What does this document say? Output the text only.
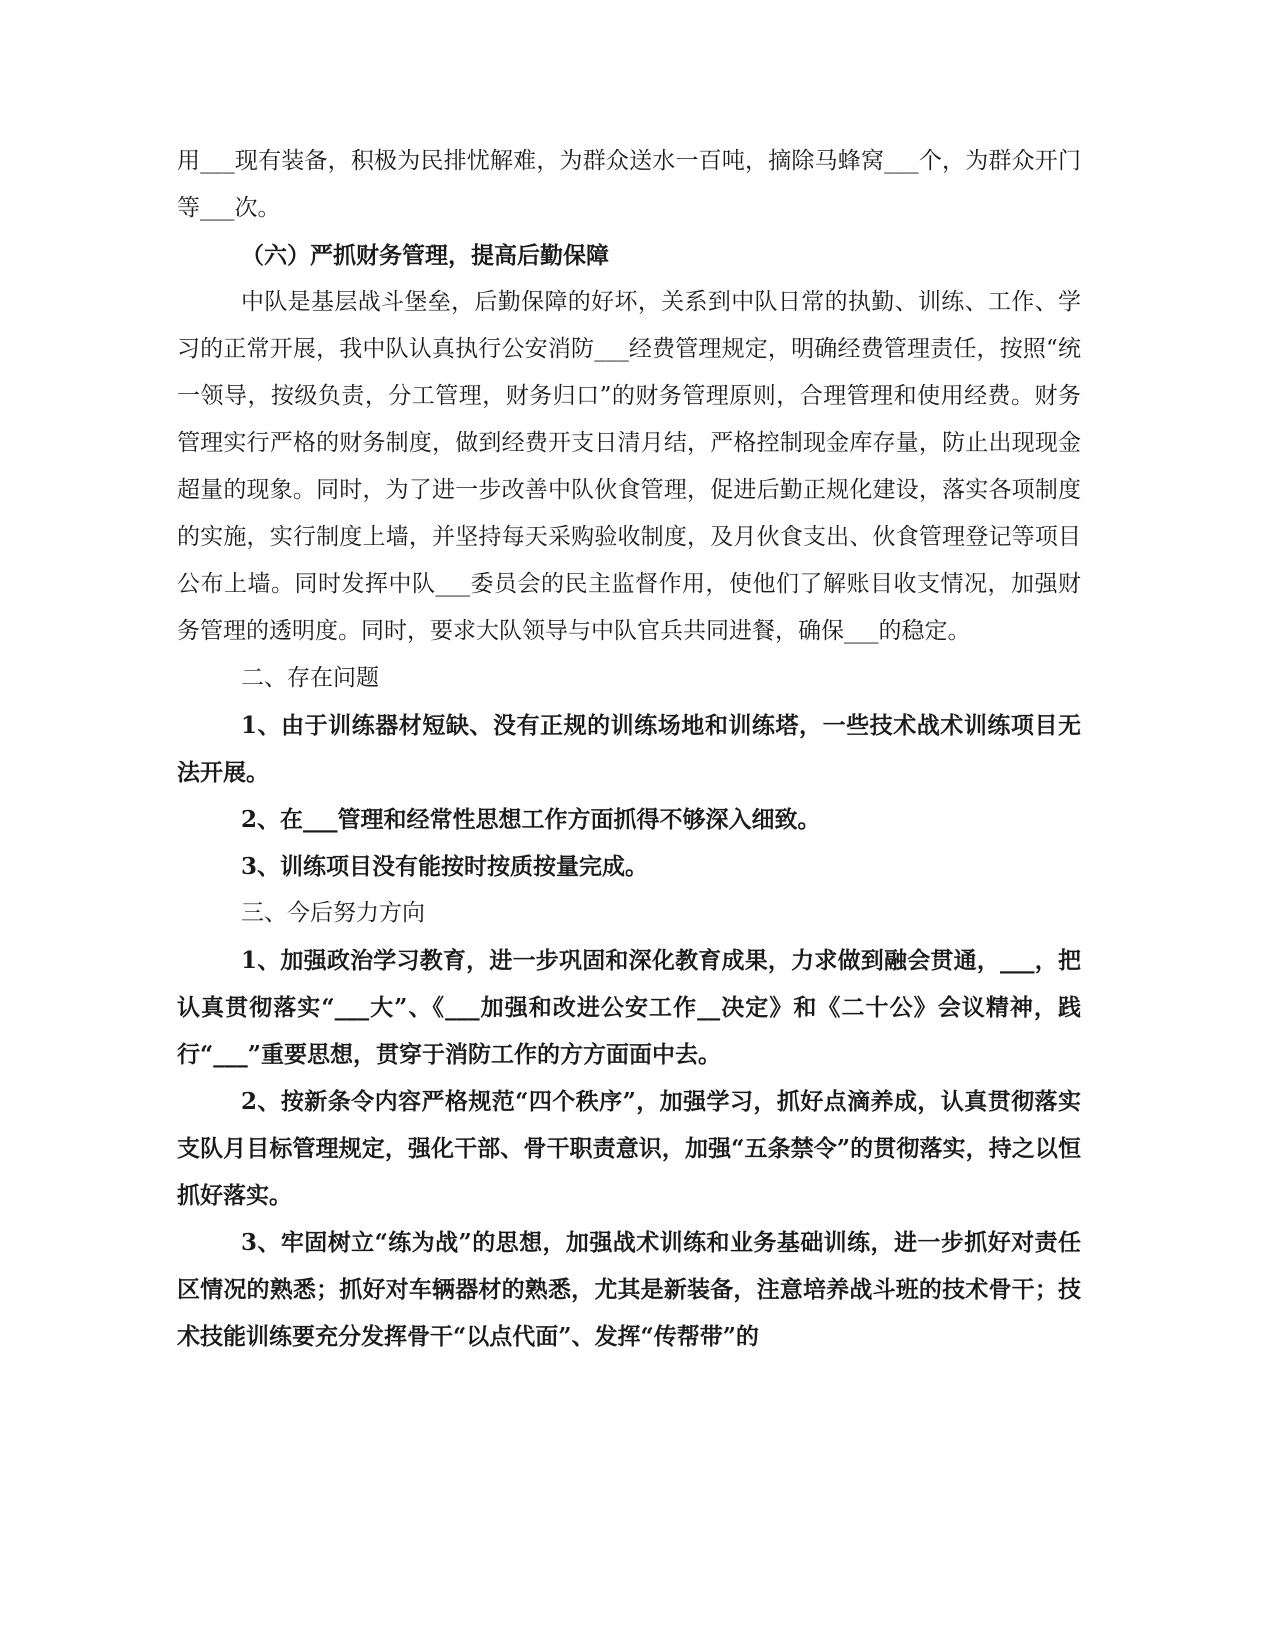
用___现有装备，积极为民排忧解难，为群众送水一百吨，摘除马蜂窝___个，为群众开门等___次。

（六）严抓财务管理，提高后勤保障

中队是基层战斗堡垒，后勤保障的好坏，关系到中队日常的执勤、训练、工作、学习的正常开展，我中队认真执行公安消防___经费管理规定，明确经费管理责任，按照“统一领导，按级负责，分工管理，财务归口”的财务管理原则，合理管理和使用经费。财务管理实行严格的财务制度，做到经费开支日清月结，严格控制现金库存量，防止出现现金超量的现象。同时，为了进一步改善中队伙食管理，促进后勤正规化建设，落实各项制度的实施，实行制度上墙，并坚持每天采购验收制度，及月伙食支出、伙食管理登记等项目公布上墙。同时发挥中队___委员会的民主监督作用，使他们了解账目收支情况，加强财务管理的透明度。同时，要求大队领导与中队官兵共同进餐，确保___的稳定。

二、存在问题

1、由于训练器材短缺、没有正规的训练场地和训练塔，一些技术战术训练项目无法开展。

2、在___管理和经常性思想工作方面抓得不够深入细致。

3、训练项目没有能按时按质按量完成。

三、今后努力方向

1、加强政治学习教育，进一步巩固和深化教育成果，力求做到融会贯通，___，把认真贯彻落实“___大”、《___加强和改进公安工作__决定》和《二十公》会议精神，践行“___”重要思想，贯穿于消防工作的方方面面中去。

2、按新条令内容严格规范“四个秩序”，加强学习，抓好点滴养成，认真贯彻落实支队月目标管理规定，强化干部、骨干职责意识，加强“五条禁令”的贯彻落实，持之以恒抓好落实。

3、牢固树立“练为战”的思想，加强战术训练和业务基础训练，进一步抓好对责任区情况的熟悉；抓好对车辆器材的熟悉，尤其是新装备，注意培养战斗班的技术骨干；技术技能训练要充分发挥骨干“以点代面”、发挥“传帮带”的
